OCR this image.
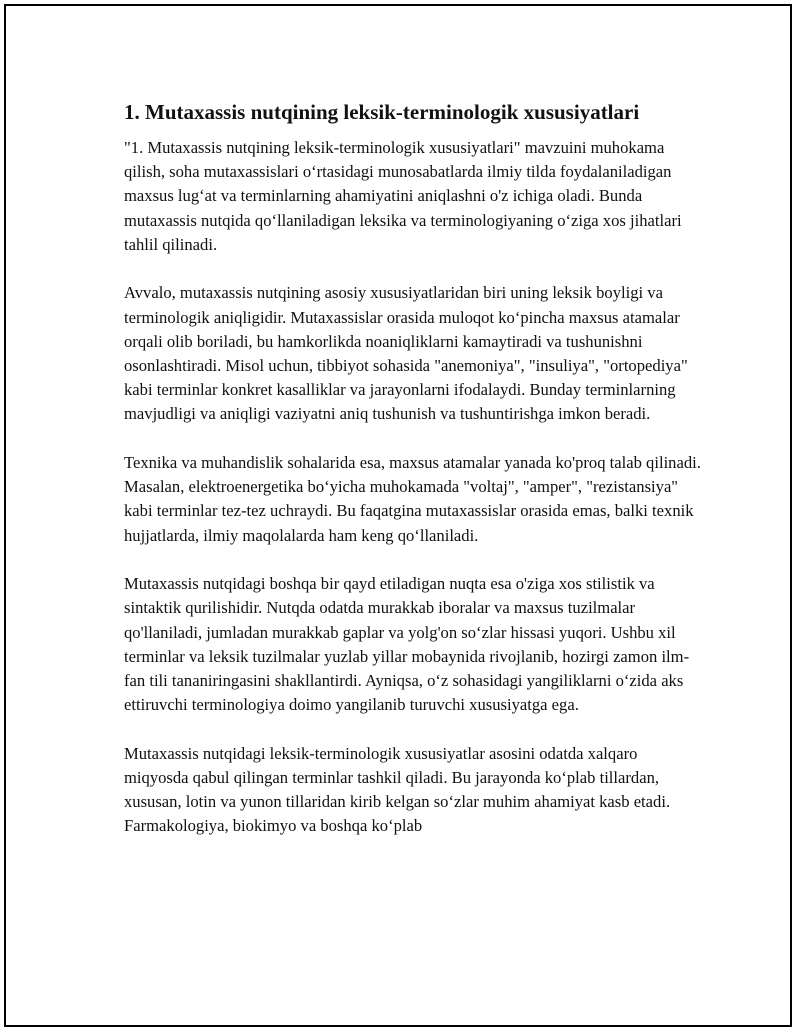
1. Mutaxassis nutqining leksik-terminologik xususiyatlari

"1. Mutaxassis nutqining leksik-terminologik xususiyatlari" mavzuini muhokama qilish, soha mutaxassislari o‘rtasidagi munosabatlarda ilmiy tilda foydalaniladigan maxsus lug‘at va terminlarning ahamiyatini aniqlashni o'z ichiga oladi. Bunda mutaxassis nutqida qo‘llaniladigan leksika va terminologiyaning o‘ziga xos jihatlari tahlil qilinadi.

Avvalo, mutaxassis nutqining asosiy xususiyatlaridan biri uning leksik boyligi va terminologik aniqligidir. Mutaxassislar orasida muloqot ko‘pincha maxsus atamalar orqali olib boriladi, bu hamkorlikda noaniqliklarni kamaytiradi va tushunishni osonlashtiradi. Misol uchun, tibbiyot sohasida "anemoniya", "insuliya", "ortopediya" kabi terminlar konkret kasalliklar va jarayonlarni ifodalaydi. Bunday terminlarning mavjudligi va aniqligi vaziyatni aniq tushunish va tushuntirishga imkon beradi.

Texnika va muhandislik sohalarida esa, maxsus atamalar yanada ko'proq talab qilinadi. Masalan, elektroenergetika bo‘yicha muhokamada "voltaj", "amper", "rezistansiya" kabi terminlar tez-tez uchraydi. Bu faqatgina mutaxassislar orasida emas, balki texnik hujjatlarda, ilmiy maqolalarda ham keng qo‘llaniladi.

Mutaxassis nutqidagi boshqa bir qayd etiladigan nuqta esa o'ziga xos stilistik va sintaktik qurilishidir. Nutqda odatda murakkab iboralar va maxsus tuzilmalar qo'llaniladi, jumladan murakkab gaplar va yolg'on so‘zlar hissasi yuqori. Ushbu xil terminlar va leksik tuzilmalar yuzlab yillar mobaynida rivojlanib, hozirgi zamon ilm-fan tili tananiringasini shakllantirdi. Ayniqsa, o‘z sohasidagi yangiliklarni o‘zida aks ettiruvchi terminologiya doimo yangilanib turuvchi xususiyatga ega.

Mutaxassis nutqidagi leksik-terminologik xususiyatlar asosini odatda xalqaro miqyosda qabul qilingan terminlar tashkil qiladi. Bu jarayonda ko‘plab tillardan, xususan, lotin va yunon tillaridan kirib kelgan so‘zlar muhim ahamiyat kasb etadi. Farmakologiya, biokimyo va boshqa ko‘plab
